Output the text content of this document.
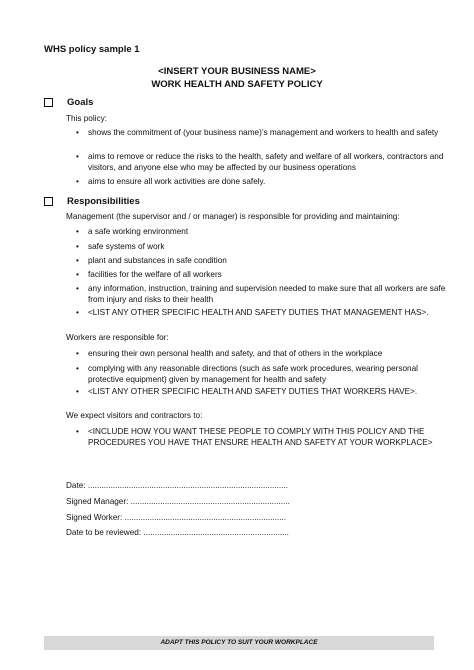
WHS policy sample 1
<INSERT YOUR BUSINESS NAME>
WORK HEALTH AND SAFETY POLICY
Goals
This policy:
• shows the commitment of (your business name)’s management and workers to health and safety
• aims to remove or reduce the risks to the health, safety and welfare of all workers, contractors and visitors, and anyone else who may be affected by our business operations
• aims to ensure all work activities are done safely.
Responsibilities
Management (the supervisor and / or manager) is responsible for providing and maintaining:
• a safe working environment
• safe systems of work
• plant and substances in safe condition
• facilities for the welfare of all workers
• any information, instruction, training and supervision needed to make sure that all workers are safe from injury and risks to their health
• <LIST ANY OTHER SPECIFIC HEALTH AND SAFETY DUTIES THAT MANAGEMENT HAS>.
Workers are responsible for:
• ensuring their own personal health and safety, and that of others in the workplace
• complying with any reasonable directions (such as safe work procedures, wearing personal protective equipment) given by management for health and safety
• <LIST ANY OTHER SPECIFIC HEALTH AND SAFETY DUTIES THAT WORKERS HAVE>.
We expect visitors and contractors to:
• <INCLUDE HOW YOU WANT THESE PEOPLE TO COMPLY WITH THIS POLICY AND THE PROCEDURES YOU HAVE THAT ENSURE HEALTH AND SAFETY AT YOUR WORKPLACE>
Date: ........................................................................................
Signed Manager: ......................................................................
Signed Worker: .......................................................................
Date to be reviewed: ................................................................
ADAPT THIS POLICY TO SUIT YOUR WORKPLACE
